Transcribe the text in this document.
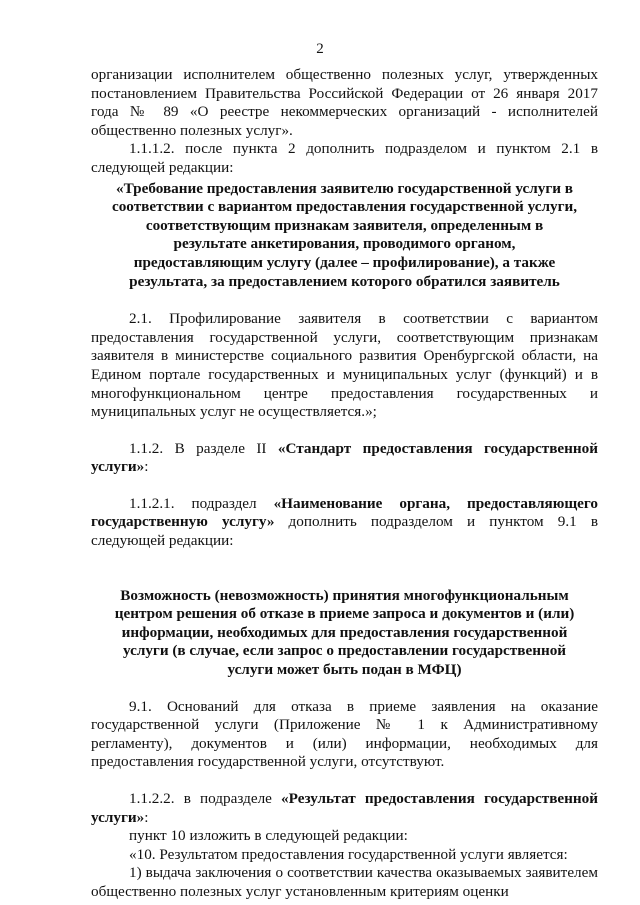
2

организации исполнителем общественно полезных услуг, утвержденных постановлением Правительства Российской Федерации от 26 января 2017 года № 89 «О реестре некоммерческих организаций - исполнителей общественно полезных услуг».

1.1.1.2. после пункта 2 дополнить подразделом и пунктом 2.1 в следующей редакции:

«Требование предоставления заявителю государственной услуги в соответствии с вариантом предоставления государственной услуги, соответствующим признакам заявителя, определенным в результате анкетирования, проводимого органом, предоставляющим услугу (далее – профилирование), а также результата, за предоставлением которого обратился заявитель

2.1. Профилирование заявителя в соответствии с вариантом предоставления государственной услуги, соответствующим признакам заявителя в министерстве социального развития Оренбургской области, на Едином портале государственных и муниципальных услуг (функций) и в многофункциональном центре предоставления государственных и муниципальных услуг не осуществляется.»;

1.1.2. В разделе II «Стандарт предоставления государственной услуги»:

1.1.2.1. подраздел «Наименование органа, предоставляющего государственную услугу» дополнить подразделом и пунктом 9.1 в следующей редакции:

Возможность (невозможность) принятия многофункциональным центром решения об отказе в приеме запроса и документов и (или) информации, необходимых для предоставления государственной услуги (в случае, если запрос о предоставлении государственной услуги может быть подан в МФЦ)

9.1. Оснований для отказа в приеме заявления на оказание государственной услуги (Приложение № 1 к Административному регламенту), документов и (или) информации, необходимых для предоставления государственной услуги, отсутствуют.

1.1.2.2. в подразделе «Результат предоставления государственной услуги»:

пункт 10 изложить в следующей редакции:

«10. Результатом предоставления государственной услуги является:

1) выдача заключения о соответствии качества оказываемых заявителем общественно полезных услуг установленным критериям оценки
